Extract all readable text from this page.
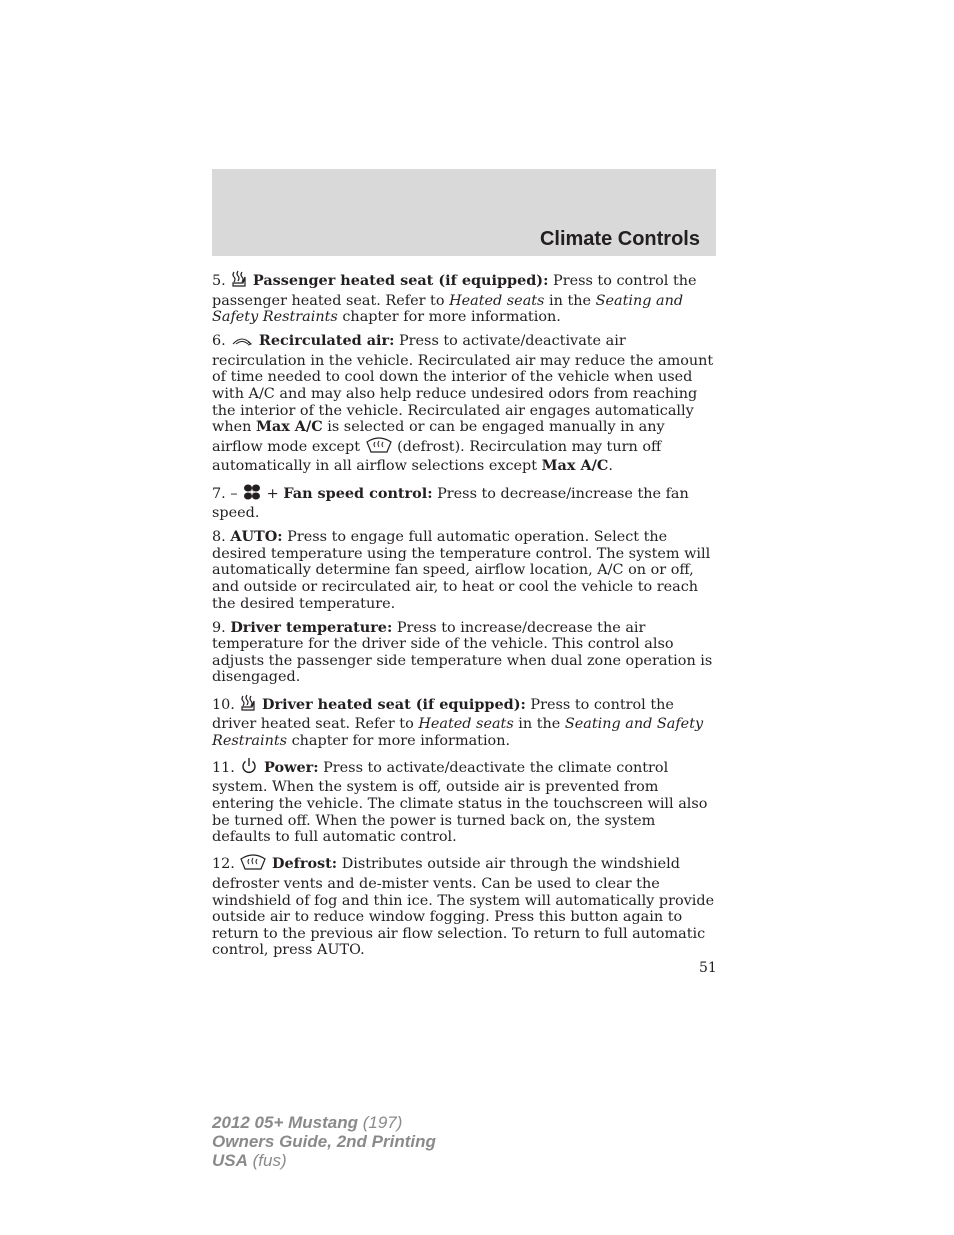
Climate Controls

5. Passenger heated seat (if equipped): Press to control the passenger heated seat. Refer to Heated seats in the Seating and Safety Restraints chapter for more information.

6. Recirculated air: Press to activate/deactivate air recirculation in the vehicle. Recirculated air may reduce the amount of time needed to cool down the interior of the vehicle when used with A/C and may also help reduce undesired odors from reaching the interior of the vehicle. Recirculated air engages automatically when Max A/C is selected or can be engaged manually in any airflow mode except  (defrost). Recirculation may turn off automatically in all airflow selections except Max A/C.

7. – + Fan speed control: Press to decrease/increase the fan speed.

8. AUTO: Press to engage full automatic operation. Select the desired temperature using the temperature control. The system will automatically determine fan speed, airflow location, A/C on or off, and outside or recirculated air, to heat or cool the vehicle to reach the desired temperature.

9. Driver temperature: Press to increase/decrease the air temperature for the driver side of the vehicle. This control also adjusts the passenger side temperature when dual zone operation is disengaged.

10. Driver heated seat (if equipped): Press to control the driver heated seat. Refer to Heated seats in the Seating and Safety Restraints chapter for more information.

11. Power: Press to activate/deactivate the climate control system. When the system is off, outside air is prevented from entering the vehicle. The climate status in the touchscreen will also be turned off. When the power is turned back on, the system defaults to full automatic control.

12.	Defrost: Distributes outside air through the windshield defroster vents and de-mister vents. Can be used to clear the windshield of fog and thin ice. The system will automatically provide outside air to reduce window fogging. Press this button again to return to the previous air flow selection. To return to full automatic control, press AUTO.

51
2012 05+ Mustang (197)
Owners Guide, 2nd Printing
USA (fus)
